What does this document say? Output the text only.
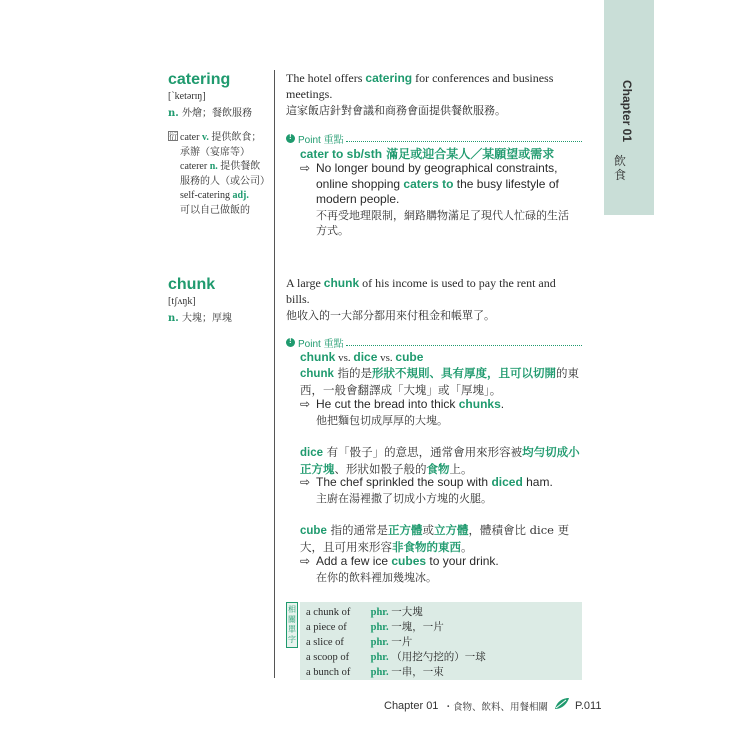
Chapter 01
飲食
catering
[ˋketərɪŋ]
n. 外燴；餐飲服務
衍 cater v. 提供飲食；
承辦（宴席等）
caterer n. 提供餐飲
服務的人（或公司）
self-catering adj.
可以自己做飯的
The hotel offers catering for conferences and business
meetings.
這家飯店針對會議和商務會面提供餐飲服務。
!
Point 重點
cater to sb/sth 滿足或迎合某人／某願望或需求
⇨ No longer bound by geographical constraints,
online shopping caters to the busy lifestyle of
modern people.
不再受地理限制，網路購物滿足了現代人忙碌的生活
方式。
chunk
[tʃʌŋk]
n. 大塊；厚塊
A large chunk of his income is used to pay the rent and
bills.
他收入的一大部分都用來付租金和帳單了。
!
Point 重點
chunk vs. dice vs. cube
chunk 指的是形狀不規則、具有厚度，且可以切開的東
西，一般會翻譯成「大塊」或「厚塊」。
⇨ He cut the bread into thick chunks.
他把麵包切成厚厚的大塊。
dice 有「骰子」的意思，通常會用來形容被均勻切成小
正方塊、形狀如骰子般的食物上。
⇨ The chef sprinkled the soup with diced ham.
主廚在湯裡撒了切成小方塊的火腿。
cube 指的通常是正方體或立方體，體積會比 dice 更
大，且可用來形容非食物的東西。
⇨ Add a few ice cubes to your drink.
在你的飲料裡加幾塊冰。
相關單字
a chunk of phr. 一大塊
a piece of phr. 一塊，一片
a slice of	phr. 一片
a scoop of phr. （用挖勺挖的）一球
a bunch of phr. 一串，一束
Chapter 01 ・食物、飲料、用餐相關 P.011
